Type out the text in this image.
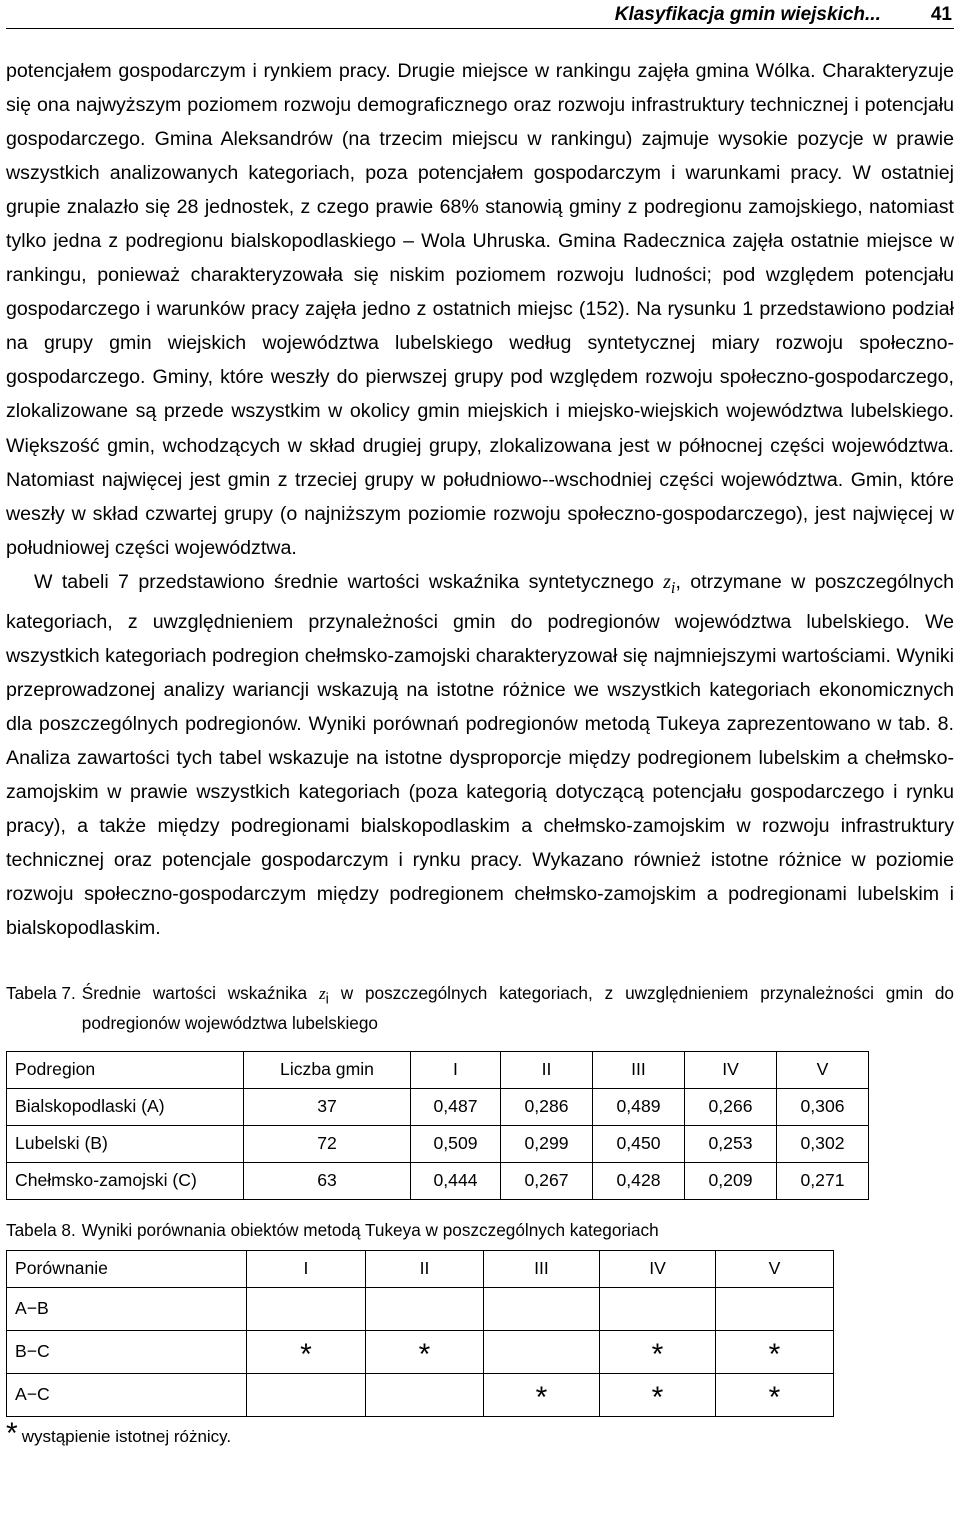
Klasyfikacja gmin wiejskich...	41

potencjałem gospodarczym i rynkiem pracy. Drugie miejsce w rankingu zajęła gmina Wólka. Charakteryzuje się ona najwyższym poziomem rozwoju demograficznego oraz rozwoju infrastruktury technicznej i potencjału gospodarczego. Gmina Aleksandrów (na trzecim miejscu w rankingu) zajmuje wysokie pozycje w prawie wszystkich analizowanych kategoriach, poza potencjałem gospodarczym i warunkami pracy. W ostatniej grupie znalazło się 28 jednostek, z czego prawie 68% stanowią gminy z podregionu zamojskiego, natomiast tylko jedna z podregionu bialskopodlaskiego – Wola Uhruska. Gmina Radecznica zajęła ostatnie miejsce w rankingu, ponieważ charakteryzowała się niskim poziomem rozwoju ludności; pod względem potencjału gospodarczego i warunków pracy zajęła jedno z ostatnich miejsc (152). Na rysunku 1 przedstawiono podział na grupy gmin wiejskich województwa lubelskiego według syntetycznej miary rozwoju społeczno-gospodarczego. Gminy, które weszły do pierwszej grupy pod względem rozwoju społeczno-gospodarczego, zlokalizowane są przede wszystkim w okolicy gmin miejskich i miejsko-wiejskich województwa lubelskiego. Większość gmin, wchodzących w skład drugiej grupy, zlokalizowana jest w północnej części województwa. Natomiast najwięcej jest gmin z trzeciej grupy w południowo--wschodniej części województwa. Gmin, które weszły w skład czwartej grupy (o najniższym poziomie rozwoju społeczno-gospodarczego), jest najwięcej w południowej części województwa.

W tabeli 7 przedstawiono średnie wartości wskaźnika syntetycznego $z_i$, otrzymane w poszczególnych kategoriach, z uwzględnieniem przynależności gmin do podregionów województwa lubelskiego. We wszystkich kategoriach podregion chełmsko-zamojski charakteryzował się najmniejszymi wartościami. Wyniki przeprowadzonej analizy wariancji wskazują na istotne różnice we wszystkich kategoriach ekonomicznych dla poszczególnych podregionów. Wyniki porównań podregionów metodą Tukeya zaprezentowano w tab. 8. Analiza zawartości tych tabel wskazuje na istotne dysproporcje między podregionem lubelskim a chełmsko-zamojskim w prawie wszystkich kategoriach (poza kategorią dotyczącą potencjału gospodarczego i rynku pracy), a także między podregionami bialskopodlaskim a chełmsko-zamojskim w rozwoju infrastruktury technicznej oraz potencjale gospodarczym i rynku pracy. Wykazano również istotne różnice w poziomie rozwoju społeczno-gospodarczym między podregionem chełmsko-zamojskim a podregionami lubelskim i bialskopodlaskim.

Tabela 7. Średnie wartości wskaźnika $z_i$ w poszczególnych kategoriach, z uwzględnieniem przynależności gmin do podregionów województwa lubelskiego
Podregion	Liczba gmin	I	II	III	IV	V
Bialskopodlaski (A)	37	0,487	0,286	0,489	0,266	0,306
Lubelski (B)	72	0,509	0,299	0,450	0,253	0,302
Chełmsko-zamojski (C)	63	0,444	0,267	0,428	0,209	0,271
Tabela 8. Wyniki porównania obiektów metodą Tukeya w poszczególnych kategoriach
Porównanie	I	II	III	IV	V
A−B					
B−C	*	*		*	*
A−C			*	*	*
* wystąpienie istotnej różnicy.
